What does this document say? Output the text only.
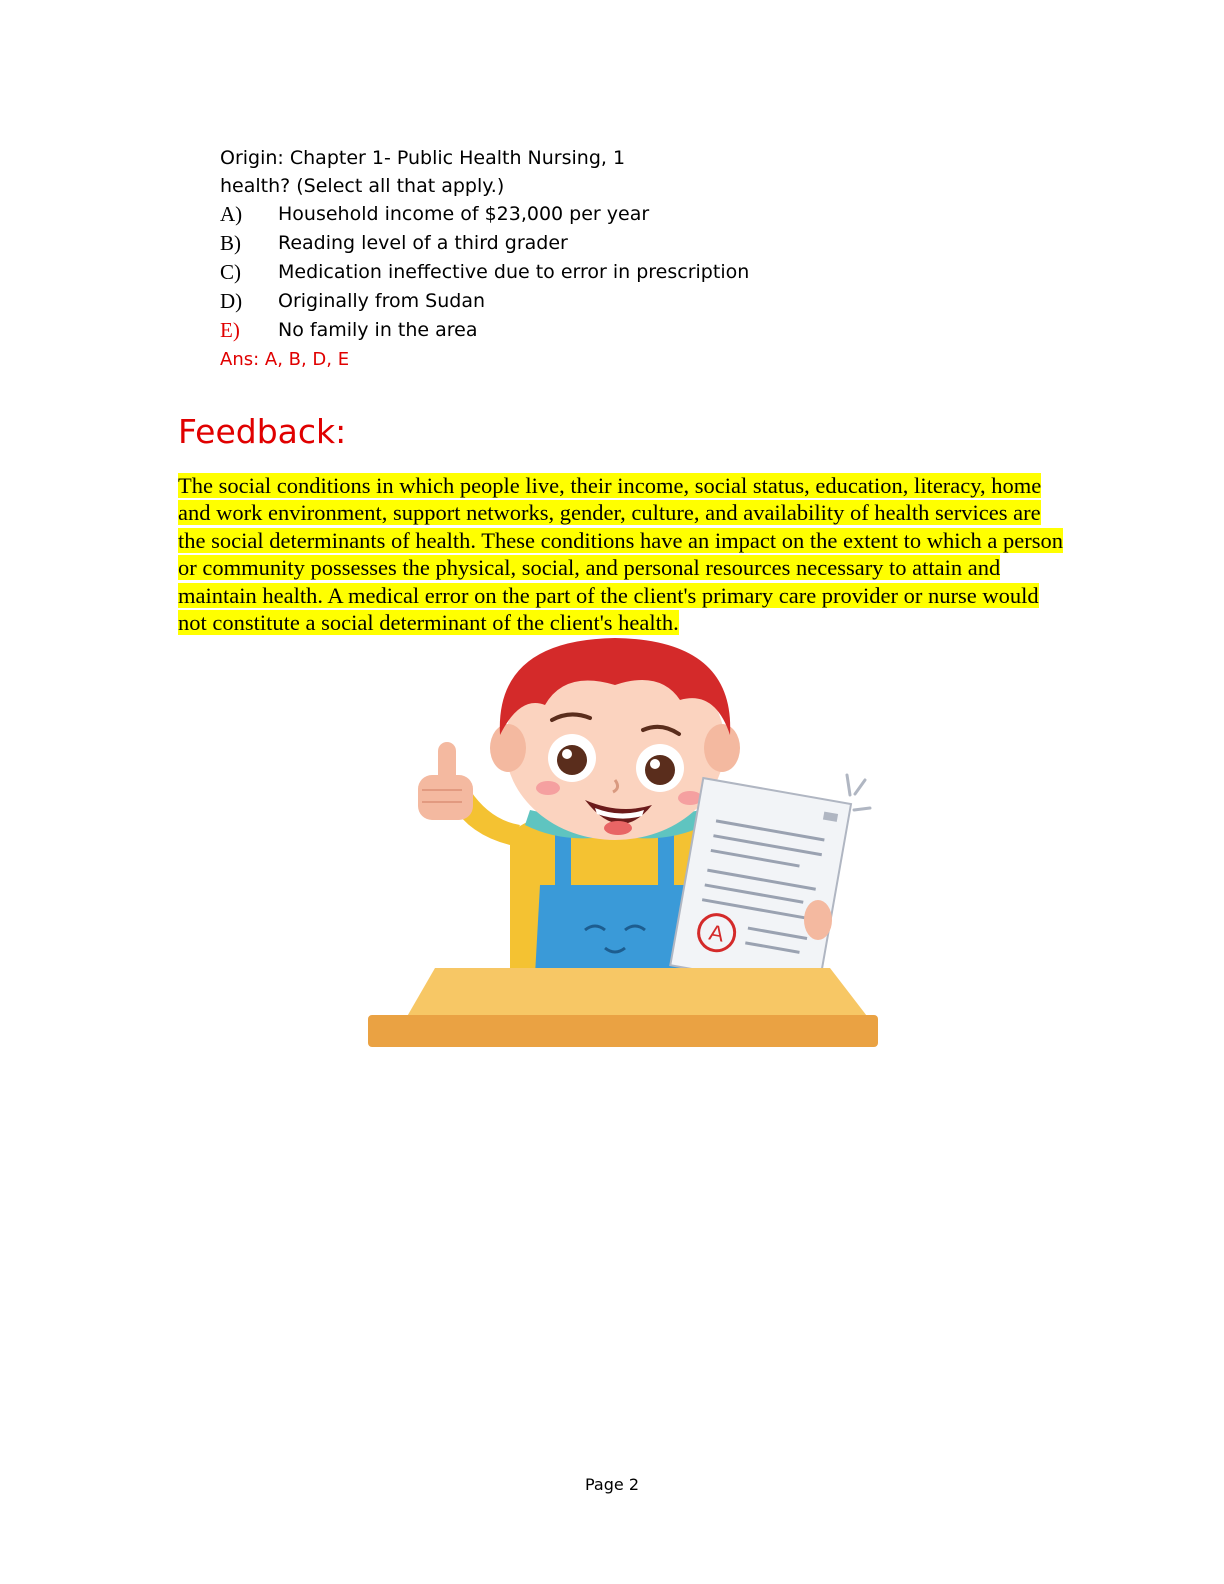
Origin: Chapter 1- Public Health Nursing, 1
health? (Select all that apply.)
A) Household income of $23,000 per year
B) Reading level of a third grader
C) Medication ineffective due to error in prescription
D) Originally from Sudan
E) No family in the area
Ans: A, B, D, E
Feedback:

The social conditions in which people live, their income, social status, education, literacy, home and work environment, support networks, gender, culture, and availability of health services are the social determinants of health. These conditions have an impact on the extent to which a person or community possesses the physical, social, and personal resources necessary to attain and maintain health. A medical error on the part of the client's primary care provider or nurse would not constitute a social determinant of the client's health.

A
Page 2
